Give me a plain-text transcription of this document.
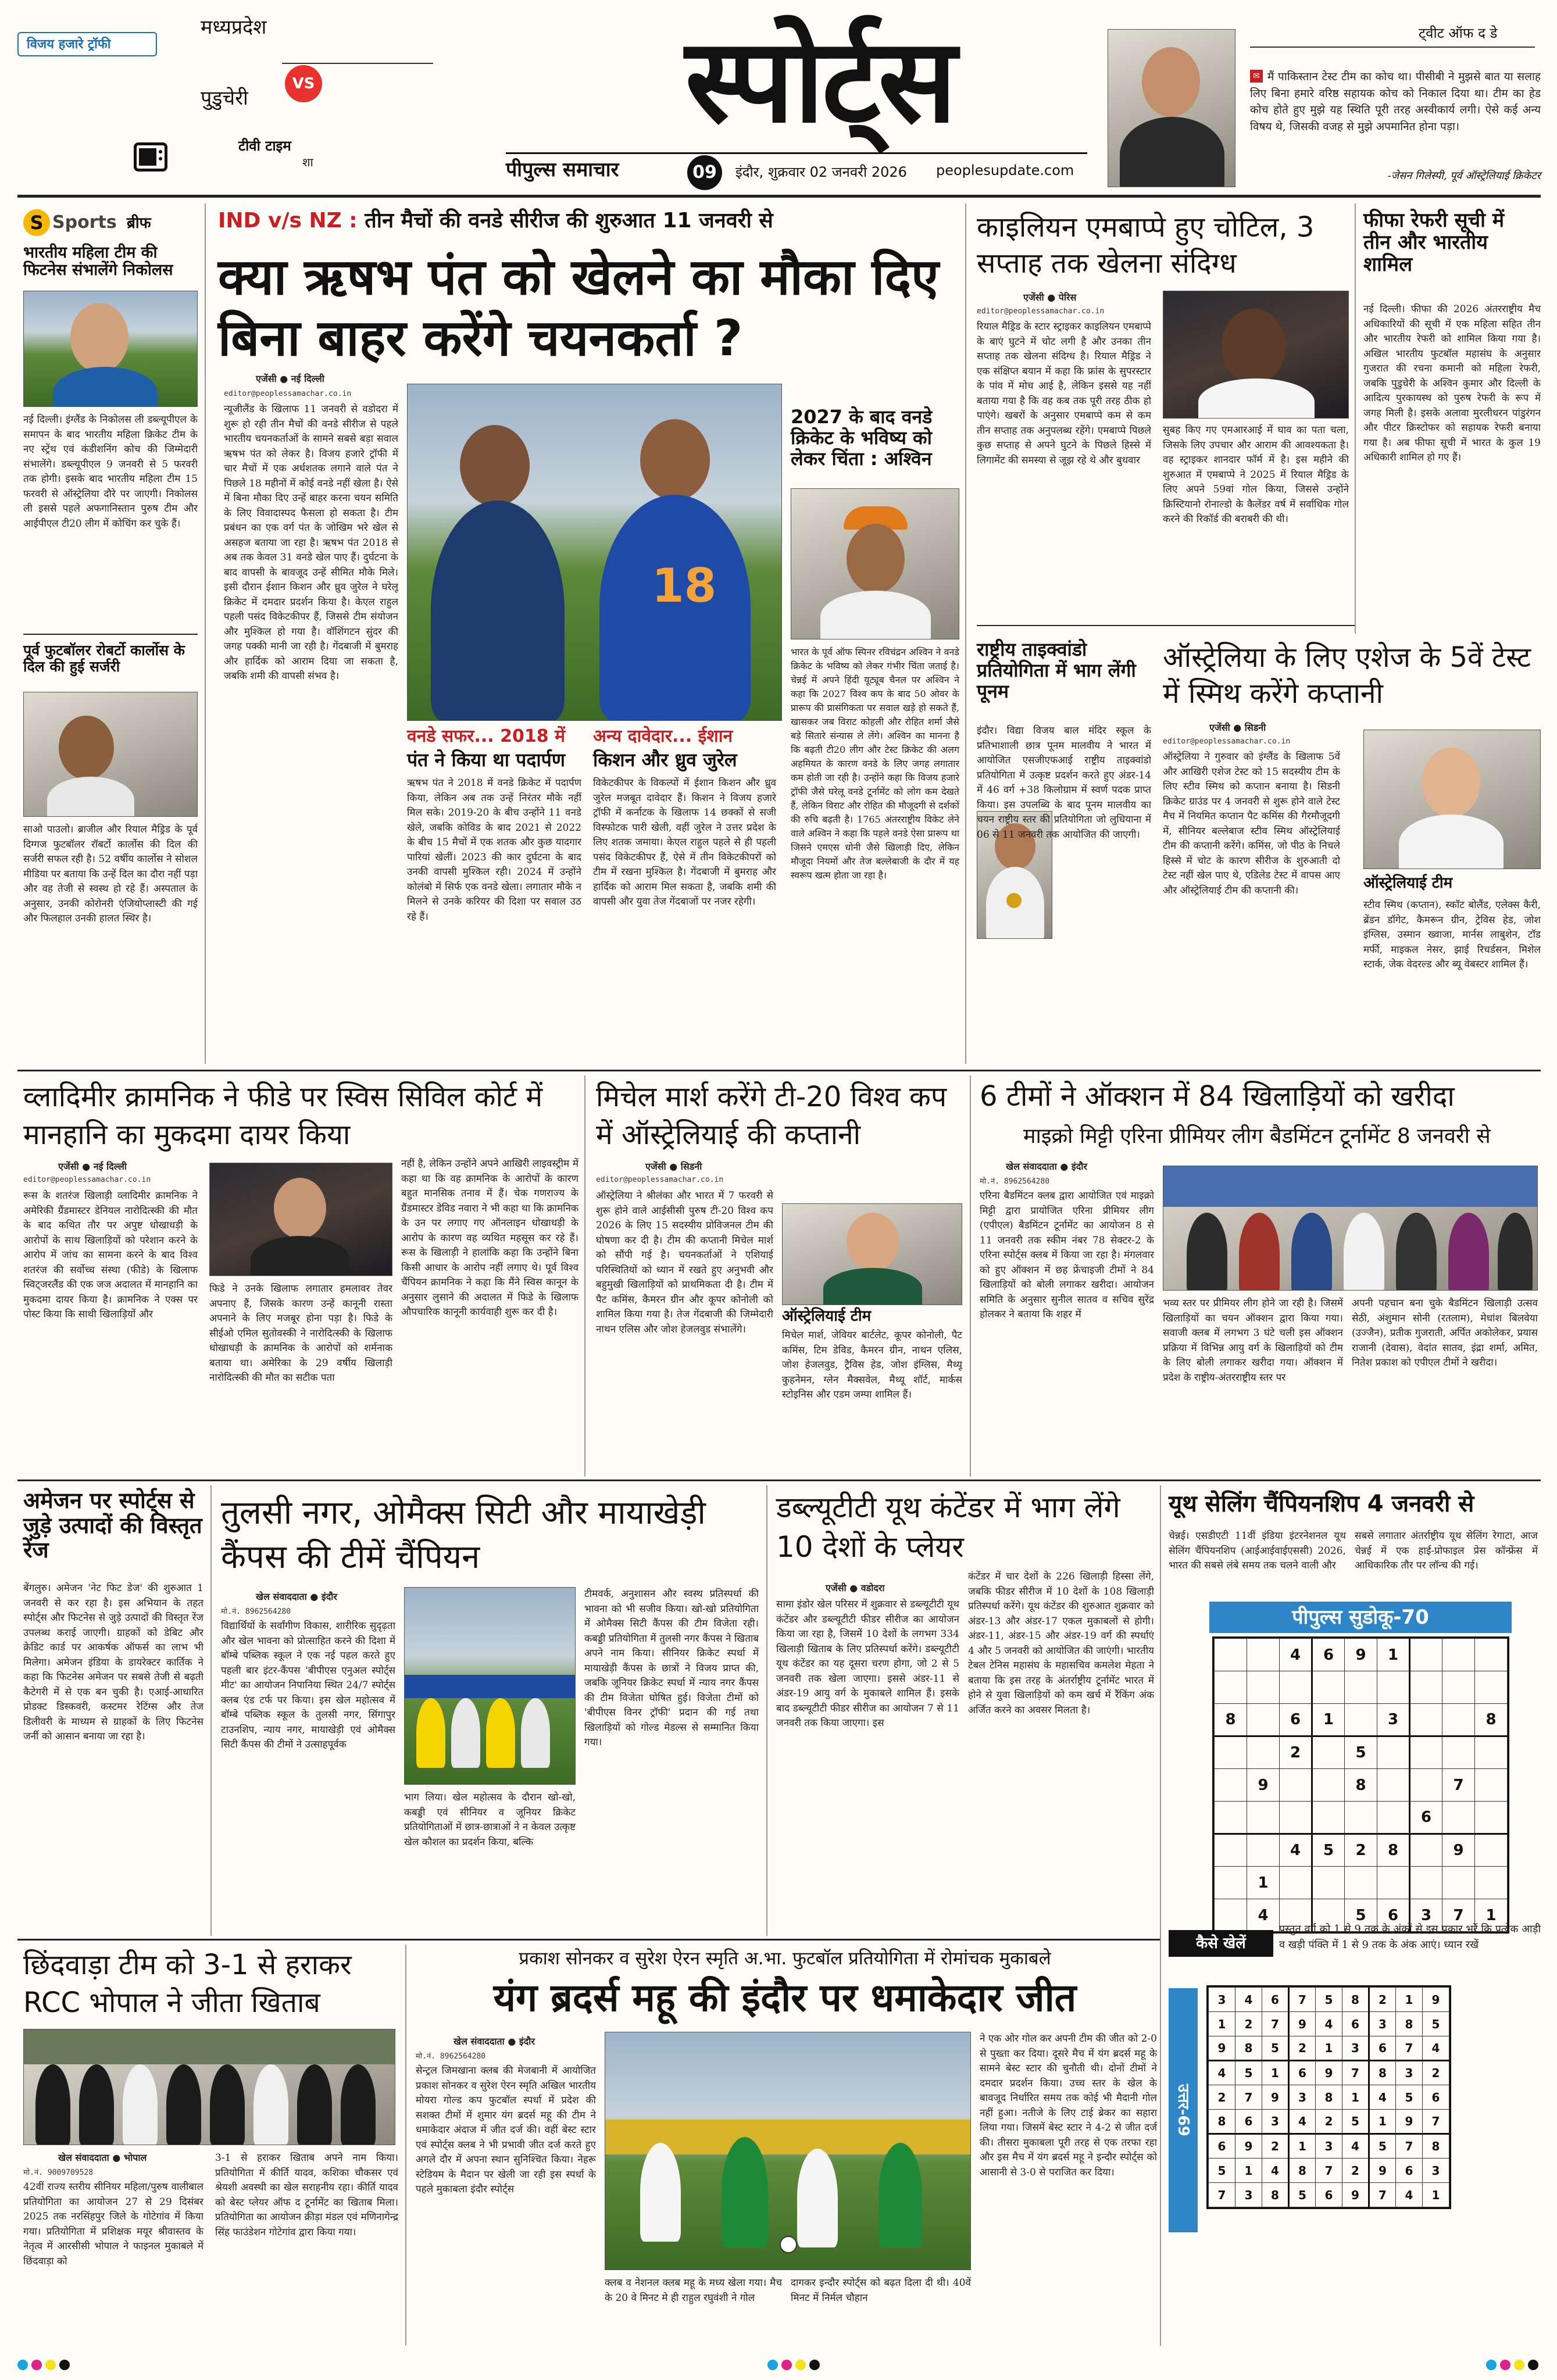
विजय हजारे ट्रॉफी
मध्यप्रदेश
VS
पुडुचेरी
टीवी टाइम
शा
स्पोर्ट्स
पीपुल्स समाचार	09	इंदौर, शुक्रवार 02 जनवरी 2026 peoplesupdate.com
ट्वीट ऑफ द डे
✉ मैं पाकिस्तान टेस्ट टीम का कोच था। पीसीबी ने मुझसे बात या सलाह लिए बिना हमारे वरिष्ठ सहायक कोच को निकाल दिया था। टीम का हेड कोच होते हुए मुझे यह स्थिति पूरी तरह अस्वीकार्य लगी। ऐसे कई अन्य विषय थे, जिसकी वजह से मुझे अपमानित होना पड़ा।
-जेसन गिलेस्पी, पूर्व ऑस्ट्रेलियाई क्रिकेटर
S Sports ब्रीफ
भारतीय महिला टीम की फिटनेस संभालेंगे निकोलस
नई दिल्ली। इंग्लैंड के निकोलस ली डब्ल्यूपीएल के समापन के बाद भारतीय महिला क्रिकेट टीम के नए स्ट्रेंथ एवं कंडीशनिंग कोच की जिम्मेदारी संभालेंगे। डब्ल्यूपीएल 9 जनवरी से 5 फरवरी तक होगी। इसके बाद भारतीय महिला टीम 15 फरवरी से ऑस्ट्रेलिया दौरे पर जाएगी। निकोलस ली इससे पहले अफगानिस्तान पुरुष टीम और आईपीएल टी20 लीग में कोचिंग कर चुके हैं।
पूर्व फुटबॉलर रोबर्टो कार्लोस के दिल की हुई सर्जरी
साओ पाउलो। ब्राजील और रियाल मैड्रिड के पूर्व दिग्गज फुटबॉलर रॉबर्टो कार्लोस की दिल की सर्जरी सफल रही है। 52 वर्षीय कार्लोस ने सोशल मीडिया पर बताया कि उन्हें दिल का दौरा नहीं पड़ा और वह तेजी से स्वस्थ हो रहे हैं। अस्पताल के अनुसार, उनकी कोरोनरी एंजियोप्लास्टी की गई और फिलहाल उनकी हालत स्थिर है।
IND v/s NZ : तीन मैचों की वनडे सीरीज की शुरुआत 11 जनवरी से
क्या ऋषभ पंत को खेलने का मौका दिए बिना बाहर करेंगे चयनकर्ता ?
एजेंसी ● नई दिल्ली
editor@peoplessamachar.co.in
न्यूजीलैंड के खिलाफ 11 जनवरी से वडोदरा में शुरू हो रही तीन मैचों की वनडे सीरीज से पहले भारतीय चयनकर्ताओं के सामने सबसे बड़ा सवाल ऋषभ पंत को लेकर है। विजय हजारे ट्रॉफी में चार मैचों में एक अर्धशतक लगाने वाले पंत ने पिछले 18 महीनों में कोई वनडे नहीं खेला है। ऐसे में बिना मौका दिए उन्हें बाहर करना चयन समिति के लिए विवादास्पद फैसला हो सकता है। टीम प्रबंधन का एक वर्ग पंत के जोखिम भरे खेल से असहज बताया जा रहा है। ऋषभ पंत 2018 से अब तक केवल 31 वनडे खेल पाए हैं। दुर्घटना के बाद वापसी के बावजूद उन्हें सीमित मौके मिले। इसी दौरान ईशान किशन और ध्रुव जुरेल ने घरेलू क्रिकेट में दमदार प्रदर्शन किया है। केएल राहुल पहली पसंद विकेटकीपर हैं, जिससे टीम संयोजन और मुश्किल हो गया है। वॉशिंगटन सुंदर की जगह पक्की मानी जा रही है। गेंदबाजी में बुमराह और हार्दिक को आराम दिया जा सकता है, जबकि शमी की वापसी संभव है।
18
वनडे सफर... 2018 में
पंत ने किया था पदार्पण
ऋषभ पंत ने 2018 में वनडे क्रिकेट में पदार्पण किया, लेकिन अब तक उन्हें निरंतर मौके नहीं मिल सके। 2019-20 के बीच उन्होंने 11 वनडे खेले, जबकि कोविड के बाद 2021 से 2022 के बीच 15 मैचों में एक शतक और कुछ यादगार पारियां खेलीं। 2023 की कार दुर्घटना के बाद उनकी वापसी मुश्किल रही। 2024 में उन्होंने कोलंबो में सिर्फ एक वनडे खेला। लगातार मौके न मिलने से उनके करियर की दिशा पर सवाल उठ रहे हैं।
अन्य दावेदार... ईशान
किशन और ध्रुव जुरेल
विकेटकीपर के विकल्पों में ईशान किशन और ध्रुव जुरेल मजबूत दावेदार हैं। किशन ने विजय हजारे ट्रॉफी में कर्नाटक के खिलाफ 14 छक्कों से सजी विस्फोटक पारी खेली, वहीं जुरेल ने उत्तर प्रदेश के लिए शतक जमाया। केएल राहुल पहले से ही पहली पसंद विकेटकीपर हैं, ऐसे में तीन विकेटकीपरों को टीम में रखना मुश्किल है। गेंदबाजी में बुमराह और हार्दिक को आराम मिल सकता है, जबकि शमी की वापसी और युवा तेज गेंदबाजों पर नजर रहेगी।
2027 के बाद वनडे क्रिकेट के भविष्य को लेकर चिंता : अश्विन
भारत के पूर्व ऑफ स्पिनर रविचंद्रन अश्विन ने वनडे क्रिकेट के भविष्य को लेकर गंभीर चिंता जताई है। चेन्नई में अपने हिंदी यूट्यूब चैनल पर अश्विन ने कहा कि 2027 विश्व कप के बाद 50 ओवर के प्रारूप की प्रासंगिकता पर सवाल खड़े हो सकते हैं, खासकर जब विराट कोहली और रोहित शर्मा जैसे बड़े सितारे संन्यास ले लेंगे। अश्विन का मानना है कि बढ़ती टी20 लीग और टेस्ट क्रिकेट की अलग अहमियत के कारण वनडे के लिए जगह लगातार कम होती जा रही है। उन्होंने कहा कि विजय हजारे ट्रॉफी जैसे घरेलू वनडे टूर्नामेंट को लोग कम देखते हैं, लेकिन विराट और रोहित की मौजूदगी से दर्शकों की रुचि बढ़ती है। 1765 अंतरराष्ट्रीय विकेट लेने वाले अश्विन ने कहा कि पहले वनडे ऐसा प्रारूप था जिसने एमएस धोनी जैसे खिलाड़ी दिए, लेकिन मौजूदा नियमों और तेज बल्लेबाजी के दौर में यह स्वरूप खत्म होता जा रहा है।
काइलियन एमबाप्पे हुए चोटिल, 3 सप्ताह तक खेलना संदिग्ध
एजेंसी ● पेरिस
editor@peoplessamachar.co.in
रियाल मैड्रिड के स्टार स्ट्राइकर काइलियन एमबाप्पे के बाएं घुटने में चोट लगी है और उनका तीन सप्ताह तक खेलना संदिग्ध है। रियाल मैड्रिड ने एक संक्षिप्त बयान में कहा कि फ्रांस के सुपरस्टार के पांव में मोच आई है, लेकिन इससे यह नहीं बताया गया है कि वह कब तक पूरी तरह ठीक हो पाएंगे। खबरों के अनुसार एमबाप्पे कम से कम तीन सप्ताह तक अनुपलब्ध रहेंगे। एमबाप्पे पिछले कुछ सप्ताह से अपने घुटने के पिछले हिस्से में लिगामेंट की समस्या से जूझ रहे थे और बुधवार
सुबह किए गए एमआरआई में घाव का पता चला, जिसके लिए उपचार और आराम की आवश्यकता है। वह स्ट्राइकर शानदार फॉर्म में है। इस महीने की शुरुआत में एमबाप्पे ने 2025 में रियाल मैड्रिड के लिए अपने 59वां गोल किया, जिससे उन्होंने क्रिस्टियानो रोनाल्डो के कैलेंडर वर्ष में सर्वाधिक गोल करने की रिकॉर्ड की बराबरी की थी।
फीफा रेफरी सूची में तीन और भारतीय शामिल
नई दिल्ली। फीफा की 2026 अंतरराष्ट्रीय मैच अधिकारियों की सूची में एक महिला सहित तीन और भारतीय रेफरी को शामिल किया गया है। अखिल भारतीय फुटबॉल महासंघ के अनुसार गुजरात की रचना कमानी को महिला रेफरी, जबकि पुडुचेरी के अश्विन कुमार और दिल्ली के आदित्य पुरकायस्थ को पुरुष रेफरी के रूप में जगह मिली है। इसके अलावा मुरलीधरन पांडुरंगन और पीटर क्रिस्टोफर को सहायक रेफरी बनाया गया है। अब फीफा सूची में भारत के कुल 19 अधिकारी शामिल हो गए हैं।
राष्ट्रीय ताइक्वांडो प्रतियोगिता में भाग लेंगी पूनम
इंदौर। विद्या विजय बाल मंदिर स्कूल के प्रतिभाशाली छात्र पूनम मालवीय ने भारत में आयोजित एसजीएफआई राष्ट्रीय ताइक्वांडो प्रतियोगिता में उत्कृष्ट प्रदर्शन करते हुए अंडर-14 में 46 वर्ग +38 किलोग्राम में स्वर्ण पदक प्राप्त किया। इस उपलब्धि के बाद पूनम मालवीय का चयन राष्ट्रीय स्तर की प्रतियोगिता जो लुधियाना में 06 से 11 जनवरी तक आयोजित की जाएगी।
ऑस्ट्रेलिया के लिए एशेज के 5वें टेस्ट में स्मिथ करेंगे कप्तानी
एजेंसी ● सिडनी
editor@peoplessamachar.co.in
ऑस्ट्रेलिया ने गुरुवार को इंग्लैंड के खिलाफ 5वें और आखिरी एशेज टेस्ट को 15 सदस्यीय टीम के लिए स्टीव स्मिथ को कप्तान बनाया है। सिडनी क्रिकेट ग्राउंड पर 4 जनवरी से शुरू होने वाले टेस्ट मैच में नियमित कप्तान पैट कमिंस की गैरमौजूदगी में, सीनियर बल्लेबाज स्टीव स्मिथ ऑस्ट्रेलियाई टीम की कप्तानी करेंगे। कमिंस, जो पीठ के निचले हिस्से में चोट के कारण सीरीज के शुरुआती दो टेस्ट नहीं खेल पाए थे, एडिलेड टेस्ट में वापस आए और ऑस्ट्रेलियाई टीम की कप्तानी की।	ऑस्ट्रेलियाई टीम
स्टीव स्मिथ (कप्तान), स्कॉट बोलैंड, एलेक्स कैरी, ब्रेंडन डॉगेट, कैमरून ग्रीन, ट्रेविस हेड, जोश इंग्लिस, उस्मान ख्वाजा, मार्नस लाबुशेन, टॉड मर्फी, माइकल नेसर, झाई रिचर्डसन, मिशेल स्टार्क, जेक वेदरल्ड और ब्यू वेबस्टर शामिल हैं।
व्लादिमीर क्रामनिक ने फीडे पर स्विस सिविल कोर्ट में मानहानि का मुकदमा दायर किया
एजेंसी ● नई दिल्ली
editor@peoplessamachar.co.in
रूस के शतरंज खिलाड़ी व्लादिमीर क्रामनिक ने अमेरिकी ग्रैंडमास्टर डेनियल नारोदित्स्की की मौत के बाद कथित तौर पर अपुष्ट धोखाधड़ी के आरोपों के साथ खिलाड़ियों को परेशान करने के आरोप में जांच का सामना करने के बाद विश्व शतरंज की सर्वोच्च संस्था (फीडे) के खिलाफ स्विट्जरलैंड की एक जज अदालत में मानहानि का मुकदमा दायर किया है। क्रामनिक ने एक्स पर पोस्ट किया कि साथी खिलाड़ियों और
फिडे ने उनके खिलाफ लगातार हमलावर तेवर अपनाए हैं, जिसके कारण उन्हें कानूनी रास्ता अपनाने के लिए मजबूर होना पड़ा है। फिडे के सीईओ एमिल सुतोवस्की ने नारोदित्स्की के खिलाफ धोखाधड़ी के क्रामनिक के आरोपों को शर्मनाक बताया था। अमेरिका के 29 वर्षीय खिलाड़ी नारोदित्स्की की मौत का सटीक पता
नहीं है, लेकिन उन्होंने अपने आखिरी लाइवस्ट्रीम में कहा था कि वह क्रामनिक के आरोपों के कारण बहुत मानसिक तनाव में हैं। चेक गणराज्य के ग्रैंडमास्टर डेविड नवारा ने भी कहा था कि क्रामनिक के उन पर लगाए गए ऑनलाइन धोखाधड़ी के आरोप के कारण वह व्यथित महसूस कर रहे हैं। रूस के खिलाड़ी ने हालांकि कहा कि उन्होंने बिना किसी आधार के आरोप नहीं लगाए थे। पूर्व विश्व चैंपियन क्रामनिक ने कहा कि मैंने स्विस कानून के अनुसार लुसाने की अदालत में फिडे के खिलाफ औपचारिक कानूनी कार्यवाही शुरू कर दी है।
मिचेल मार्श करेंगे टी-20 विश्व कप में ऑस्ट्रेलियाई की कप्तानी
एजेंसी ● सिडनी
editor@peoplessamachar.co.in
ऑस्ट्रेलिया ने श्रीलंका और भारत में 7 फरवरी से शुरू होने वाले आईसीसी पुरुष टी-20 विश्व कप 2026 के लिए 15 सदस्यीय प्रोविजनल टीम की घोषणा कर दी है। टीम की कप्तानी मिचेल मार्श को सौंपी गई है। चयनकर्ताओं ने एशियाई परिस्थितियों को ध्यान में रखते हुए अनुभवी और बहुमुखी खिलाड़ियों को प्राथमिकता दी है। टीम में पैट कमिंस, कैमरन ग्रीन और कूपर कोनोली को शामिल किया गया है। तेज गेंदबाजी की जिम्मेदारी नाथन एलिस और जोश हेजलवुड संभालेंगे।
ऑस्ट्रेलियाई टीम
मिचेल मार्श, जेवियर बार्टलेट, कूपर कोनोली, पैट कमिंस, टिम डेविड, कैमरन ग्रीन, नाथन एलिस, जोश हेजलवुड, ट्रैविस हेड, जोश इंग्लिस, मैथ्यू कुहनेमन, ग्लेन मैक्सवेल, मैथ्यू शॉर्ट, मार्कस स्टोइनिस और एडम जम्पा शामिल हैं।
6 टीमों ने ऑक्शन में 84 खिलाड़ियों को खरीदा
माइक्रो मिट्टी एरिना प्रीमियर लीग बैडमिंटन टूर्नामेंट 8 जनवरी से
खेल संवाददाता ● इंदौर
मो.नं. 8962564280
एरिना बैडमिंटन क्लब द्वारा आयोजित एवं माइक्रो मिट्टी द्वारा प्रायोजित एरिना प्रीमियर लीग (एपीएल) बैडमिंटन टूर्नामेंट का आयोजन 8 से 11 जनवरी तक स्कीम नंबर 78 सेक्टर-2 के एरिना स्पोर्ट्स क्लब में किया जा रहा है। मंगलवार को हुए ऑक्शन में छह फ्रेंचाइजी टीमों ने 84 खिलाड़ियों को बोली लगाकर खरीदा। आयोजन समिति के अनुसार सुनील सातव व सचिव सुरेंद्र होलकर ने बताया कि शहर में
भव्य स्तर पर प्रीमियर लीग होने जा रही है। जिसमें खिलाड़ियों का चयन ऑक्शन द्वारा किया गया। सवाजी क्लब में लगभग 3 घंटे चली इस ऑक्शन प्रक्रिया में विभिन्न आयु वर्ग के खिलाड़ियों को टीम के लिए बोली लगाकर खरीदा गया। ऑक्शन में प्रदेश के राष्ट्रीय-अंतरराष्ट्रीय स्तर पर
अपनी पहचान बना चुके बैडमिंटन खिलाड़ी उत्सव सेठी, अंशुमान सोनी (रतलाम), मेधांश बिलवेया (उज्जैन), प्रतीक गुजराती, अर्पित अकोलेकर, प्रयास राजानी (देवास), वेदांत सातव, इंद्रा शर्मा, अमित, नितेश प्रकाश को एपीएल टीमों ने खरीदा।
अमेजन पर स्पोर्ट्स से जुड़े उत्पादों की विस्तृत रेंज
बेंगलुरु। अमेजन 'नेट फिट डेज' की शुरुआत 1 जनवरी से कर रहा है। इस अभियान के तहत स्पोर्ट्स और फिटनेस से जुड़े उत्पादों की विस्तृत रेंज उपलब्ध कराई जाएगी। ग्राहकों को डेबिट और क्रेडिट कार्ड पर आकर्षक ऑफर्स का लाभ भी मिलेगा। अमेजन इंडिया के डायरेक्टर कार्तिक ने कहा कि फिटनेस अमेजन पर सबसे तेजी से बढ़ती कैटेगरी में से एक बन चुकी है। एआई-आधारित प्रोडक्ट डिस्कवरी, कस्टमर रेटिंग्स और तेज डिलीवरी के माध्यम से ग्राहकों के लिए फिटनेस जर्नी को आसान बनाया जा रहा है।
तुलसी नगर, ओमैक्स सिटी और मायाखेड़ी कैंपस की टीमें चैंपियन
खेल संवाददाता ● इंदौर
मो.नं. 8962564280
विद्यार्थियों के सर्वांगीण विकास, शारीरिक सुदृढ़ता और खेल भावना को प्रोत्साहित करने की दिशा में बॉम्बे पब्लिक स्कूल ने एक नई पहल करते हुए पहली बार इंटर-कैंपस 'बीपीएस एनुअल स्पोर्ट्स मीट' का आयोजन निपानिया स्थित 24/7 स्पोर्ट्स क्लब एंड टर्फ पर किया। इस खेल महोत्सव में बॉम्बे पब्लिक स्कूल के तुलसी नगर, सिंगापुर टाउनशिप, न्याय नगर, मायाखेड़ी एवं ओमैक्स सिटी कैंपस की टीमों ने उत्साहपूर्वक
भाग लिया। खेल महोत्सव के दौरान खो-खो, कबड्डी एवं सीनियर व जूनियर क्रिकेट प्रतियोगिताओं में छात्र-छात्राओं ने न केवल उत्कृष्ट खेल कौशल का प्रदर्शन किया, बल्कि
टीमवर्क, अनुशासन और स्वस्थ प्रतिस्पर्धा की भावना को भी सजीव किया। खो-खो प्रतियोगिता में ओमैक्स सिटी कैंपस की टीम विजेता रही। कबड्डी प्रतियोगिता में तुलसी नगर कैंपस ने खिताब अपने नाम किया। सीनियर क्रिकेट स्पर्धा में मायाखेड़ी कैंपस के छात्रों ने विजय प्राप्त की, जबकि जूनियर क्रिकेट स्पर्धा में न्याय नगर कैंपस की टीम विजेता घोषित हुई। विजेता टीमों को 'बीपीएस विनर ट्रॉफी' प्रदान की गई तथा खिलाड़ियों को गोल्ड मेडल्स से सम्मानित किया गया।
डब्ल्यूटीटी यूथ कंटेंडर में भाग लेंगे 10 देशों के प्लेयर
एजेंसी ● वडोदरा
सामा इंडोर खेल परिसर में शुक्रवार से डब्ल्यूटीटी यूथ कंटेंडर और डब्ल्यूटीटी फीडर सीरीज का आयोजन किया जा रहा है, जिसमें 10 देशों के लगभग 334 खिलाड़ी खिताब के लिए प्रतिस्पर्धा करेंगे। डब्ल्यूटीटी यूथ कंटेंडर का यह दूसरा चरण होगा, जो 2 से 5 जनवरी तक खेला जाएगा। इससे अंडर-11 से अंडर-19 आयु वर्ग के मुकाबले शामिल हैं। इसके बाद डब्ल्यूटीटी फीडर सीरीज का आयोजन 7 से 11 जनवरी तक किया जाएगा। इस
कंटेंडर में चार देशों के 226 खिलाड़ी हिस्सा लेंगे, जबकि फीडर सीरीज में 10 देशों के 108 खिलाड़ी प्रतिस्पर्धा करेंगे। यूथ कंटेंडर की शुरुआत शुक्रवार को अंडर-13 और अंडर-17 एकल मुकाबलों से होगी। अंडर-11, अंडर-15 और अंडर-19 वर्ग की स्पर्धाएं 4 और 5 जनवरी को आयोजित की जाएंगी। भारतीय टेबल टेनिस महासंघ के महासचिव कमलेश मेहता ने बताया कि इस तरह के अंतर्राष्ट्रीय टूर्नामेंट भारत में होने से युवा खिलाड़ियों को कम खर्च में रैंकिंग अंक अर्जित करने का अवसर मिलता है।
यूथ सेलिंग चैंपियनशिप 4 जनवरी से
चेन्नई। एसडीएटी 11वीं इंडिया इंटरनेशनल यूथ सेलिंग चैंपियनशिप (आईआईवाईएससी) 2026, भारत की सबसे लंबे समय तक चलने वाली और
सबसे लगातार अंतर्राष्ट्रीय यूथ सेलिंग रेगाटा, आज चेन्नई में एक हाई-प्रोफाइल प्रेस कॉन्फ्रेंस में आधिकारिक तौर पर लॉन्च की गई।
पीपुल्स सुडोकू-70
		4	6	9	1			

8		6	1		3			8
		2		5				
	9			8			7	
						6		
		4	5	2	8		9	
	1							
	4			5	6	3	7	1
कैसे खेलें
प्रस्तुत वर्ग को 1 से 9 तक के अंकों से इस प्रकार भरें कि प्रत्येक आड़ी व खड़ी पंक्ति में 1 से 9 तक के अंक आएं। ध्यान रखें
उत्तर-69
3	4	6	7	5	8	2	1	9
1	2	7	9	4	6	3	8	5
9	8	5	2	1	3	6	7	4
4	5	1	6	9	7	8	3	2
2	7	9	3	8	1	4	5	6
8	6	3	4	2	5	1	9	7
6	9	2	1	3	4	5	7	8
5	1	4	8	7	2	9	6	3
7	3	8	5	6	9	7	4	1
छिंदवाड़ा टीम को 3-1 से हराकर RCC भोपाल ने जीता खिताब
खेल संवाददाता ● भोपाल
मो.नं. 9009709528
42वीं राज्य स्तरीय सीनियर महिला/पुरुष वालीबाल प्रतियोगिता का आयोजन 27 से 29 दिसंबर 2025 तक नरसिंहपुर जिले के गोटेगांव में किया गया। प्रतियोगिता में प्रशिक्षक मयूर श्रीवास्तव के नेतृत्व में आरसीसी भोपाल ने फाइनल मुकाबले में छिंदवाड़ा को
3-1 से हराकर खिताब अपने नाम किया। प्रतियोगिता में कीर्ति यादव, कशिका चौकसर एवं श्रेयशी अवस्थी का खेल सराहनीय रहा। कीर्ति यादव को बेस्ट प्लेयर ऑफ द टूर्नामेंट का खिताब मिला। प्रतियोगिता का आयोजन क्रीड़ा मंडल एवं मणिनागेन्द्र सिंह फाउंडेशन गोटेगांव द्वारा किया गया।
प्रकाश सोनकर व सुरेश ऐरन स्मृति अ.भा. फुटबॉल प्रतियोगिता में रोमांचक मुकाबले
यंग ब्रदर्स महू की इंदौर पर धमाकेदार जीत
खेल संवाददाता ● इंदौर
मो.नं. 8962564280
सेन्ट्रल जिमखाना क्लब की मेजबानी में आयोजित प्रकाश सोनकर व सुरेश ऐरन स्मृति अखिल भारतीय मोयरा गोल्ड कप फुटबॉल स्पर्धा में प्रदेश की सशक्त टीमों में शुमार यंग ब्रदर्स महू की टीम ने धमाकेदार अंदाज में जीत दर्ज की। वहीं बेस्ट स्टार एवं स्पोर्ट्स क्लब ने भी प्रभावी जीत दर्ज करते हुए अगले दौर में अपना स्थान सुनिश्चित किया। नेहरू स्टेडियम के मैदान पर खेली जा रही इस स्पर्धा के पहले मुकाबला इंदौर स्पोर्ट्स
क्लब व नेशनल क्लब महू के मध्य खेला गया। मैच के 20 वे मिनट मे ही राहुल रघुवंशी ने गोल
दागकर इन्दौर स्पोर्ट्स को बढ़त दिला दी थी। 40वें मिनट में निर्मल चौहान
ने एक ओर गोल कर अपनी टीम की जीत को 2-0 से पुख्ता कर दिया। दूसरे मैच में यंग ब्रदर्स महू के सामने बेस्ट स्टार की चुनौती थी। दोनों टीमों ने दमदार प्रदर्शन किया। उच्च स्तर के खेल के बावजूद निर्धारित समय तक कोई भी मैदानी गोल नहीं हुआ। नतीजे के लिए टाई ब्रेकर का सहारा लिया गया। जिसमें बेस्ट स्टार ने 4-2 से जीत दर्ज की। तीसरा मुकाबला पूरी तरह से एक तरफा रहा और इस मैच में यंग ब्रदर्स महू ने इन्दौर स्पोर्ट्स को आसानी से 3-0 से पराजित कर दिया।
